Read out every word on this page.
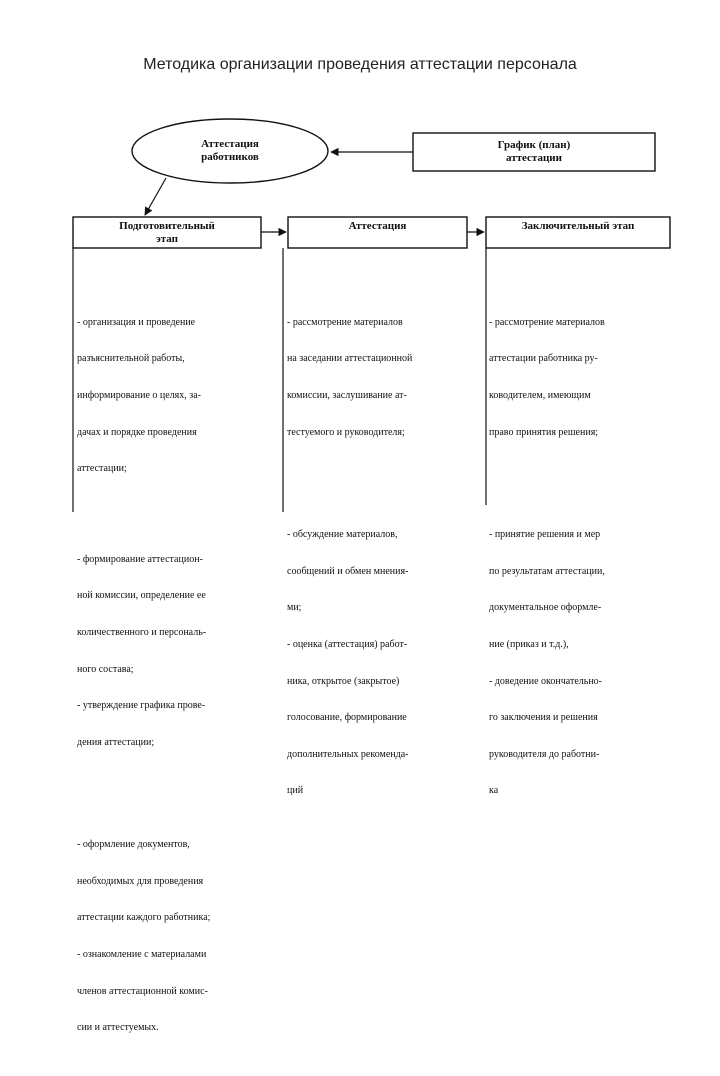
Методика организации проведения аттестации персонала
Аттестация
работников
График (план)
аттестации
Подготовительный
этап
Аттестация	Заключительный этап

- организация и проведение

разъяснительной работы,

информирование о целях, за-

дачах и порядке проведения

аттестации;

- формирование аттестацион-

ной комиссии, определение ее

количественного и персональ-

ного состава;

- утверждение графика прове-

дения аттестации;

- оформление документов,

необходимых для проведения

аттестации каждого работника;

- ознакомление с материалами

членов аттестационной комис-

сии и аттестуемых.

- рассмотрение материалов

на заседании аттестационной

комиссии, заслушивание ат-

тестуемого и руководителя;

- обсуждение материалов,

сообщений и обмен мнения-

ми;

- оценка (аттестация) работ-

ника, открытое (закрытое)

голосование, формирование

дополнительных рекоменда-

ций

- рассмотрение материалов

аттестации работника ру-

ководителем, имеющим

право принятия решения;

- принятие решения и мер

по результатам аттестации,

документальное оформле-

ние (приказ и т.д.),

- доведение окончательно-

го заключения и решения

руководителя до работни-

ка
